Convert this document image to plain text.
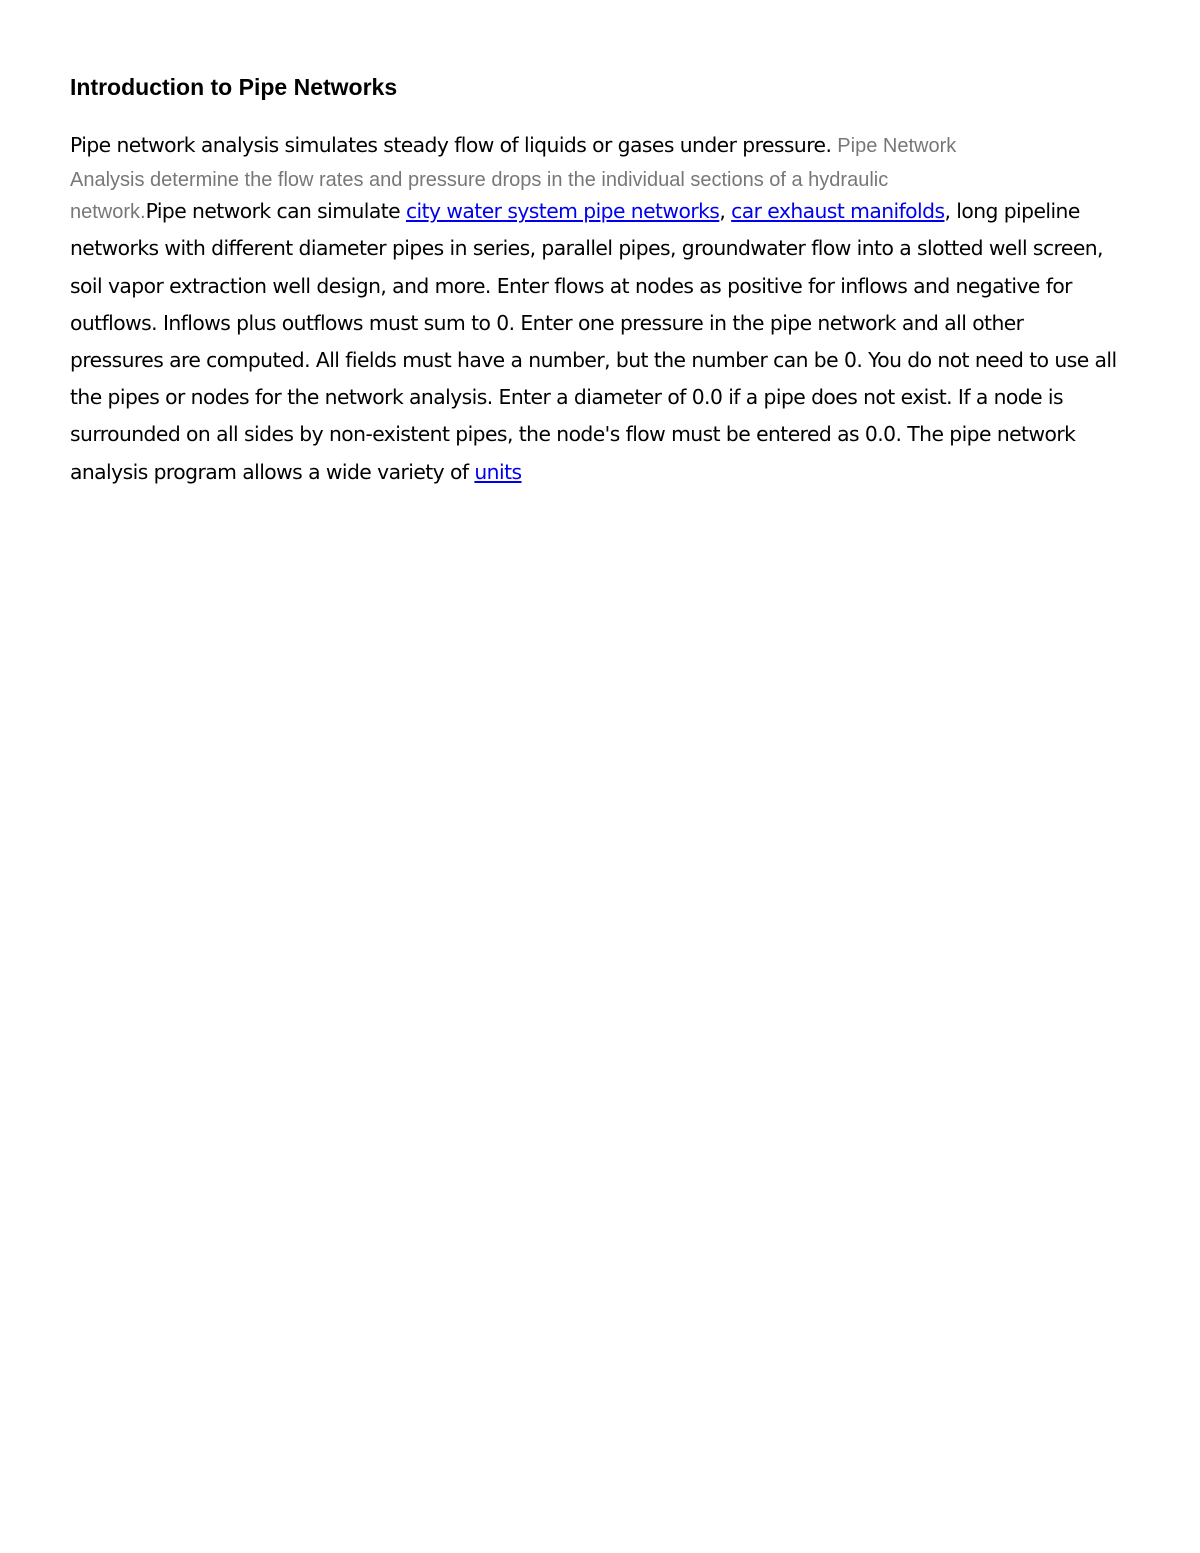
Introduction to Pipe Networks

Pipe network analysis simulates steady flow of liquids or gases under pressure. Pipe Network
Analysis determine the flow rates and pressure drops in the individual sections of a hydraulic
network.Pipe network can simulate city water system pipe networks, car exhaust manifolds, long pipeline networks with different diameter pipes in series, parallel pipes, groundwater flow into a slotted well screen, soil vapor extraction well design, and more. Enter flows at nodes as positive for inflows and negative for outflows. Inflows plus outflows must sum to 0. Enter one pressure in the pipe network and all other pressures are computed. All fields must have a number, but the number can be 0. You do not need to use all the pipes or nodes for the network analysis. Enter a diameter of 0.0 if a pipe does not exist. If a node is surrounded on all sides by non-existent pipes, the node's flow must be entered as 0.0. The pipe network analysis program allows a wide variety of units
